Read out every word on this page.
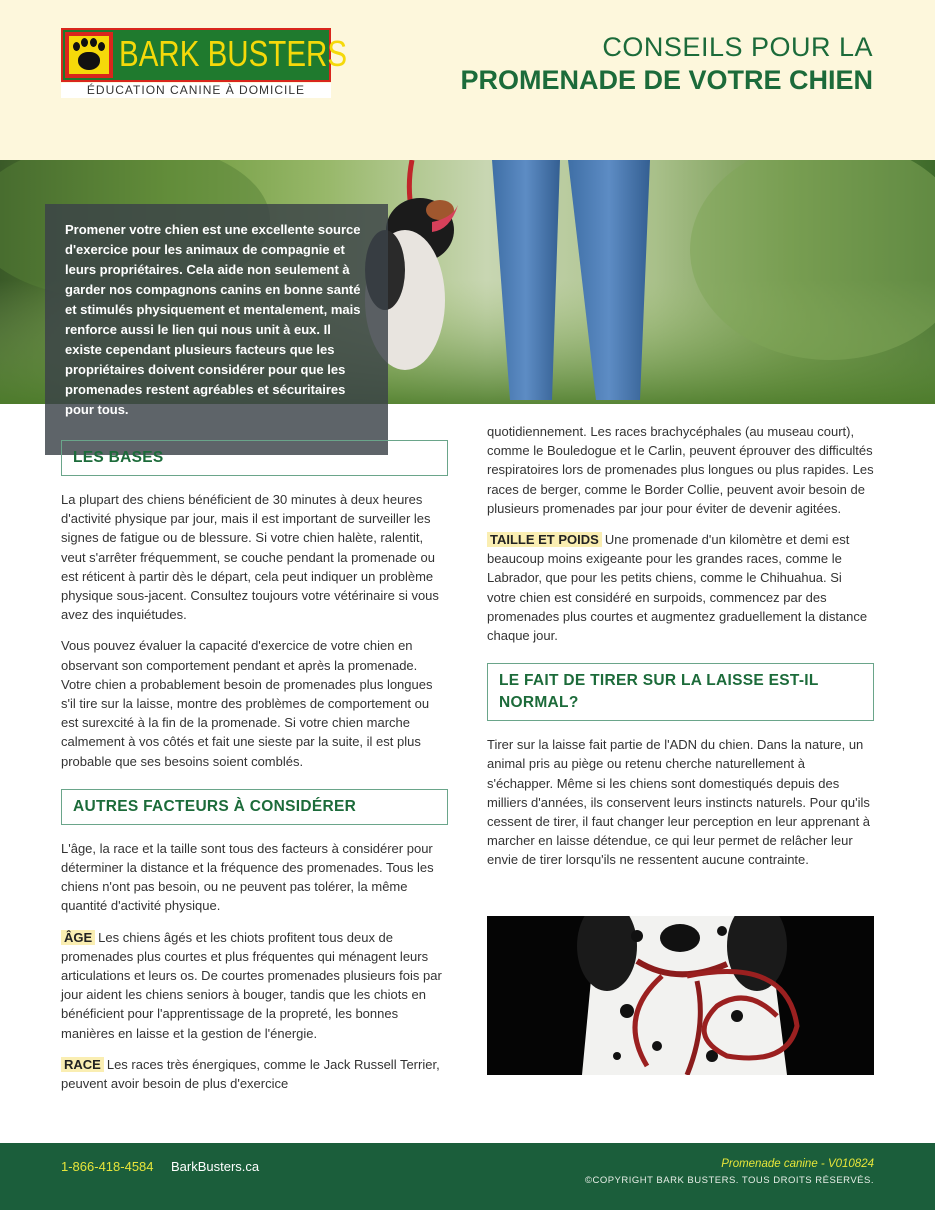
BARK BUSTERS
ÉDUCATION CANINE À DOMICILE
CONSEILS POUR LA
PROMENADE DE VOTRE CHIEN

Promener votre chien est une excellente source d'exercice pour les animaux de compagnie et leurs propriétaires. Cela aide non seulement à garder nos compagnons canins en bonne santé et stimulés physiquement et mentalement, mais renforce aussi le lien qui nous unit à eux. Il existe cependant plusieurs facteurs que les propriétaires doivent considérer pour que les promenades restent agréables et sécuritaires pour tous.

LES BASES

La plupart des chiens bénéficient de 30 minutes à deux heures d'activité physique par jour, mais il est important de surveiller les signes de fatigue ou de blessure. Si votre chien halète, ralentit, veut s'arrêter fréquemment, se couche pendant la promenade ou est réticent à partir dès le départ, cela peut indiquer un problème physique sous-jacent. Consultez toujours votre vétérinaire si vous avez des inquiétudes.

Vous pouvez évaluer la capacité d'exercice de votre chien en observant son comportement pendant et après la promenade. Votre chien a probablement besoin de promenades plus longues s'il tire sur la laisse, montre des problèmes de comportement ou est surexcité à la fin de la promenade. Si votre chien marche calmement à vos côtés et fait une sieste par la suite, il est plus probable que ses besoins soient comblés.

AUTRES FACTEURS À CONSIDÉRER

L'âge, la race et la taille sont tous des facteurs à considérer pour déterminer la distance et la fréquence des promenades. Tous les chiens n'ont pas besoin, ou ne peuvent pas tolérer, la même quantité d'activité physique.

ÂGE Les chiens âgés et les chiots profitent tous deux de promenades plus courtes et plus fréquentes qui ménagent leurs articulations et leurs os. De courtes promenades plusieurs fois par jour aident les chiens seniors à bouger, tandis que les chiots en bénéficient pour l'apprentissage de la propreté, les bonnes manières en laisse et la gestion de l'énergie.

RACE Les races très énergiques, comme le Jack Russell Terrier, peuvent avoir besoin de plus d'exercice

quotidiennement. Les races brachycéphales (au museau court), comme le Bouledogue et le Carlin, peuvent éprouver des difficultés respiratoires lors de promenades plus longues ou plus rapides. Les races de berger, comme le Border Collie, peuvent avoir besoin de plusieurs promenades par jour pour éviter de devenir agitées.

TAILLE ET POIDS Une promenade d'un kilomètre et demi est beaucoup moins exigeante pour les grandes races, comme le Labrador, que pour les petits chiens, comme le Chihuahua. Si votre chien est considéré en surpoids, commencez par des promenades plus courtes et augmentez graduellement la distance chaque jour.

LE FAIT DE TIRER SUR LA LAISSE EST-IL NORMAL?

Tirer sur la laisse fait partie de l'ADN du chien. Dans la nature, un animal pris au piège ou retenu cherche naturellement à s'échapper. Même si les chiens sont domestiqués depuis des milliers d'années, ils conservent leurs instincts naturels. Pour qu'ils cessent de tirer, il faut changer leur perception en leur apprenant à marcher en laisse détendue, ce qui leur permet de relâcher leur envie de tirer lorsqu'ils ne ressentent aucune contrainte.

1-866-418-4584 BarkBusters.ca	Promenade canine - V010824
©COPYRIGHT BARK BUSTERS. TOUS DROITS RÉSERVÉS.
